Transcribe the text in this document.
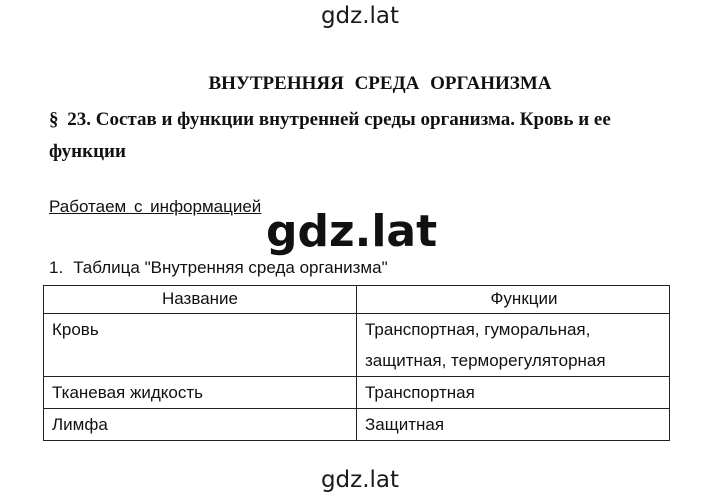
gdz.lat
ВНУТРЕННЯЯ СРЕДА ОРГАНИЗМА
§ 23. Состав и функции внутренней среды организма. Кровь и ее функции
Работаем с информацией gdz.lat
1. Таблица "Внутренняя среда организма"
Название	Функции
Кровь	Транспортная, гуморальная,
защитная, терморегуляторная

Тканевая жидкость	Транспортная

Лимфа	Защитная
gdz.lat
